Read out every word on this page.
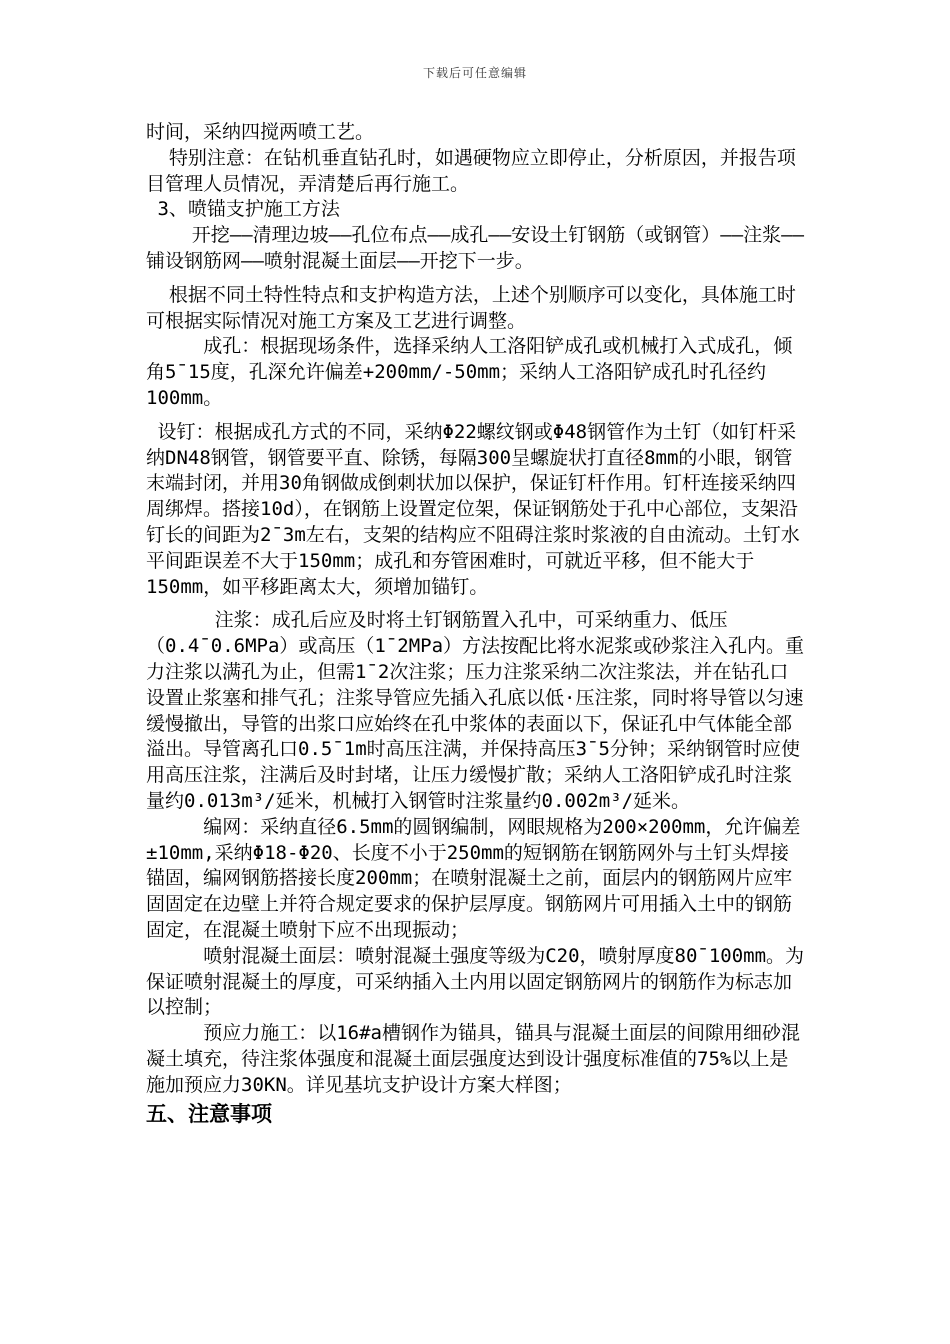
下载后可任意编辑

时间，采纳四搅两喷工艺。
特别注意：在钻机垂直钻孔时，如遇硬物应立即停止，分析原因，并报告项目管理人员情况，弄清楚后再行施工。
3、喷锚支护施工方法
开挖——清理边坡——孔位布点——成孔——安设土钉钢筋（或钢管）——注浆——铺设钢筋网——喷射混凝土面层——开挖下一步。

根据不同土特性特点和支护构造方法，上述个别顺序可以变化，具体施工时可根据实际情况对施工方案及工艺进行调整。
成孔：根据现场条件，选择采纳人工洛阳铲成孔或机械打入式成孔，倾角5¯15度，孔深允许偏差+200mm/-50mm；采纳人工洛阳铲成孔时孔径约100mm。

设钉：根据成孔方式的不同，采纳Φ22螺纹钢或Φ48钢管作为土钉（如钉杆采纳DN48钢管，钢管要平直、除锈，每隔300呈螺旋状打直径8mm的小眼，钢管末端封闭，并用30角钢做成倒刺状加以保护，保证钉杆作用。钉杆连接采纳四周绑焊。搭接10d），在钢筋上设置定位架，保证钢筋处于孔中心部位，支架沿钉长的间距为2¯3m左右，支架的结构应不阻碍注浆时浆液的自由流动。土钉水平间距误差不大于150mm；成孔和夯管困难时，可就近平移，但不能大于150mm，如平移距离太大，须增加锚钉。

注浆：成孔后应及时将土钉钢筋置入孔中，可采纳重力、低压（0.4¯0.6MPa）或高压（1¯2MPa）方法按配比将水泥浆或砂浆注入孔内。重力注浆以满孔为止，但需1¯2次注浆；压力注浆采纳二次注浆法，并在钻孔口设置止浆塞和排气孔；注浆导管应先插入孔底以低·压注浆，同时将导管以匀速缓慢撤出，导管的出浆口应始终在孔中浆体的表面以下，保证孔中气体能全部溢出。导管离孔口0.5¯1m时高压注满，并保持高压3¯5分钟；采纳钢管时应使用高压注浆，注满后及时封堵，让压力缓慢扩散；采纳人工洛阳铲成孔时注浆量约0.013m³/延米，机械打入钢管时注浆量约0.002m³/延米。
编网：采纳直径6.5mm的圆钢编制，网眼规格为200×200mm，允许偏差±10mm,采纳Φ18-Φ20、长度不小于250mm的短钢筋在钢筋网外与土钉头焊接锚固，编网钢筋搭接长度200mm；在喷射混凝土之前，面层内的钢筋网片应牢固固定在边壁上并符合规定要求的保护层厚度。钢筋网片可用插入土中的钢筋固定，在混凝土喷射下应不出现振动；
喷射混凝土面层：喷射混凝土强度等级为C20，喷射厚度80¯100mm。为保证喷射混凝土的厚度，可采纳插入土内用以固定钢筋网片的钢筋作为标志加以控制；
预应力施工：以16#a槽钢作为锚具，锚具与混凝土面层的间隙用细砂混凝土填充，待注浆体强度和混凝土面层强度达到设计强度标准值的75%以上是施加预应力30KN。详见基坑支护设计方案大样图；

五、注意事项
